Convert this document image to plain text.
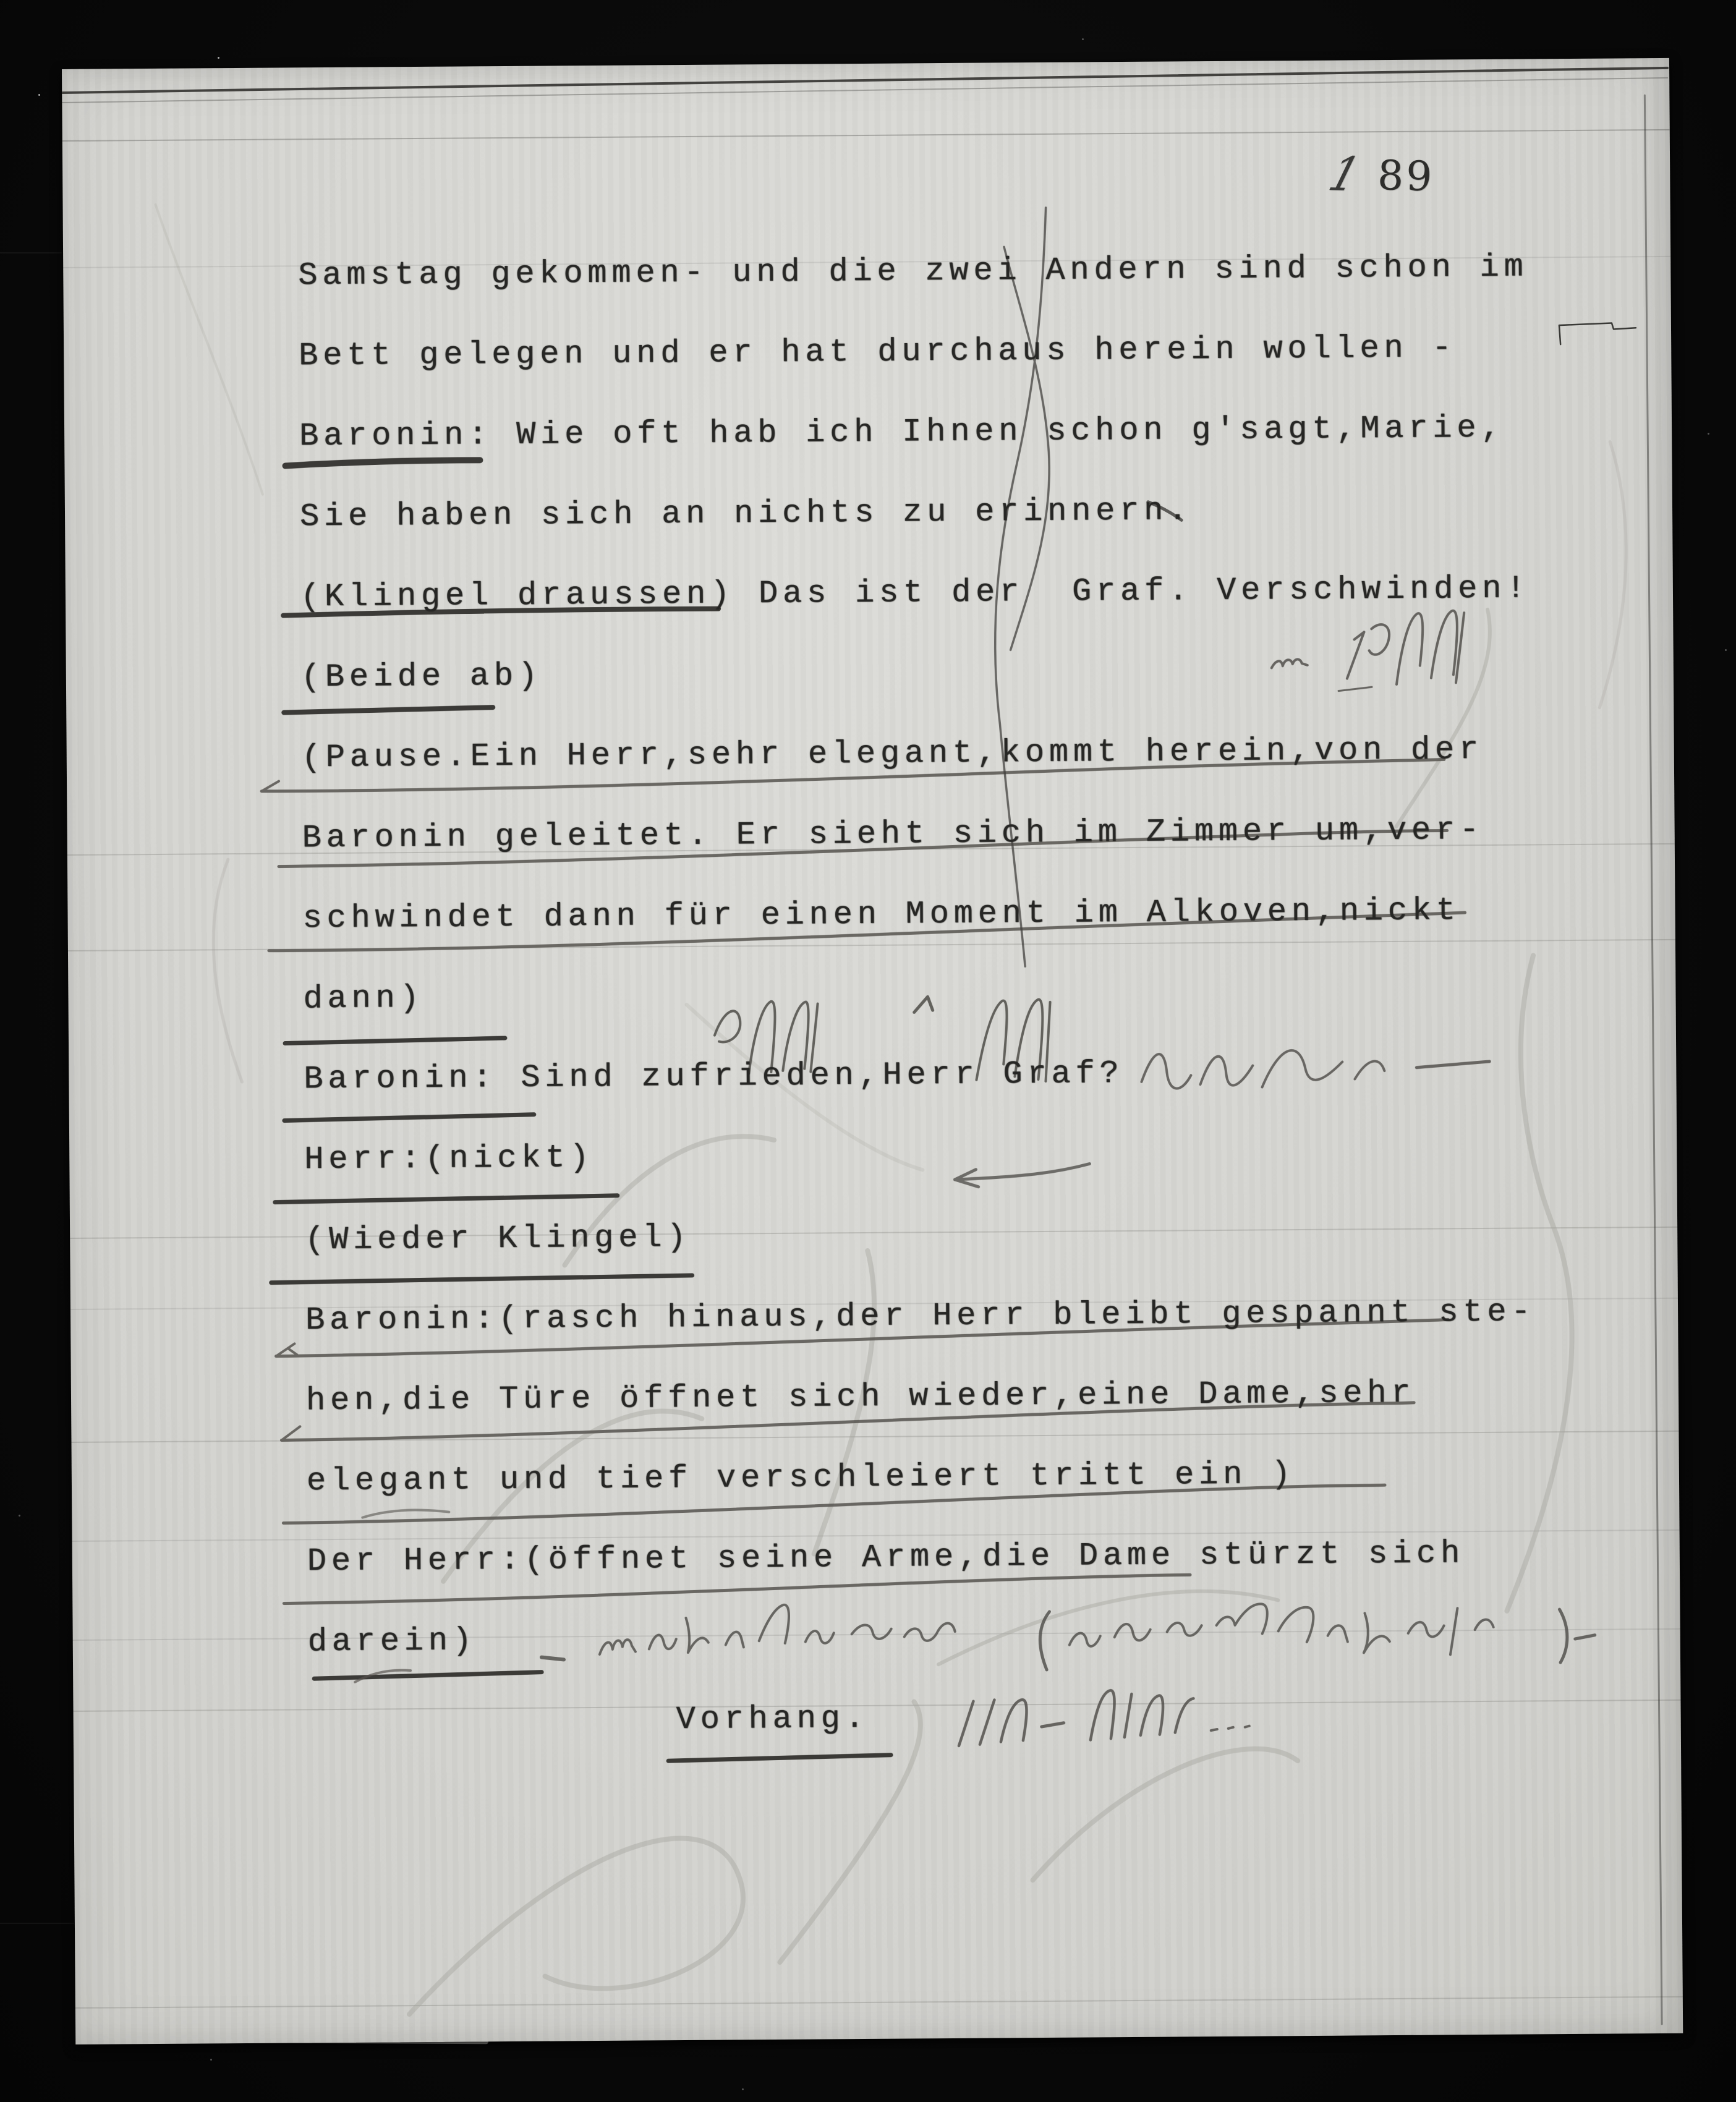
1 89
Samstag gekommen- und die zwei Andern sind schon im
Bett gelegen und er hat durchaus herein wollen -
Baronin: Wie oft hab ich Ihnen schon g'sagt,Marie,
Sie haben sich an nichts zu erinnern.
(Klingel draussen) Das ist der  Graf. Verschwinden!
(Beide ab)
(Pause.Ein Herr,sehr elegant,kommt herein,von der
Baronin geleitet. Er sieht sich im Zimmer um,ver-
schwindet dann für einen Moment im Alkoven,nickt
dann)
Baronin: Sind zufrieden,Herr Graf?
Herr:(nickt)
(Wieder Klingel)
Baronin:(rasch hinaus,der Herr bleibt gespannt ste-
hen,die Türe öffnet sich wieder,eine Dame,sehr
elegant und tief verschleiert tritt ein )
Der Herr:(öffnet seine Arme,die Dame stürzt sich
darein)
Vorhang.
